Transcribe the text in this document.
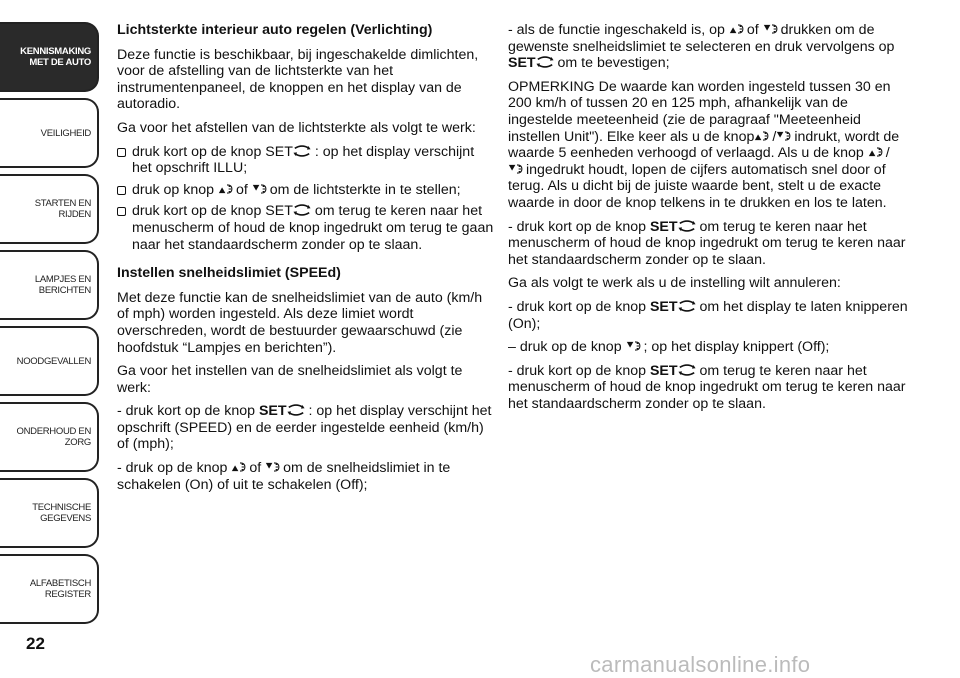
KENNISMAKING
MET DE AUTO
VEILIGHEID
STARTEN EN RIJDEN
LAMPJES EN
BERICHTEN
NOODGEVALLEN
ONDERHOUD EN
ZORG
TECHNISCHE
GEGEVENS
ALFABETISCH
REGISTER
22
Lichtsterkte interieur auto regelen (Verlichting)

Deze functie is beschikbaar, bij ingeschakelde dimlichten, voor de afstelling van de lichtsterkte van het instrumentenpaneel, de knoppen en het display van de autoradio.

Ga voor het afstellen van de lichtsterkte als volgt te werk:

druk kort op de knop SET : op het display verschijnt het opschrift ILLU;
druk op knop of om de lichtsterkte in te stellen;
druk kort op de knop SET om terug te keren naar het menuscherm of houd de knop ingedrukt om terug te gaan naar het standaardscherm zonder op te slaan.
Instellen snelheidslimiet (SPEEd)

Met deze functie kan de snelheidslimiet van de auto (km/h of mph) worden ingesteld. Als deze limiet wordt overschreden, wordt de bestuurder gewaarschuwd (zie hoofdstuk “Lampjes en berichten”).

Ga voor het instellen van de snelheidslimiet als volgt te werk:

- druk kort op de knop SET : op het display verschijnt het opschrift (SPEED) en de eerder ingestelde eenheid (km/h) of (mph);

- druk op de knop of om de snelheidslimiet in te schakelen (On) of uit te schakelen (Off);

- als de functie ingeschakeld is, op of drukken om de gewenste snelheidslimiet te selecteren en druk vervolgens op SET om te bevestigen;

OPMERKING De waarde kan worden ingesteld tussen 30 en 200 km/h of tussen 20 en 125 mph, afhankelijk van de ingestelde meeteenheid (zie de paragraaf "Meeteenheid instellen Unit"). Elke keer als u de knop / indrukt, wordt de waarde 5 eenheden verhoogd of verlaagd. Als u de knop / ingedrukt houdt, lopen de cijfers automatisch snel door of terug. Als u dicht bij de juiste waarde bent, stelt u de exacte waarde in door de knop telkens in te drukken en los te laten.

- druk kort op de knop SET om terug te keren naar het menuscherm of houd de knop ingedrukt om terug te keren naar het standaardscherm zonder op te slaan.

Ga als volgt te werk als u de instelling wilt annuleren:

- druk kort op de knop SET om het display te laten knipperen (On);

– druk op de knop ; op het display knippert (Off);

- druk kort op de knop SET om terug te keren naar het menuscherm of houd de knop ingedrukt om terug te keren naar het standaardscherm zonder op te slaan.

carmanualsonline.info
